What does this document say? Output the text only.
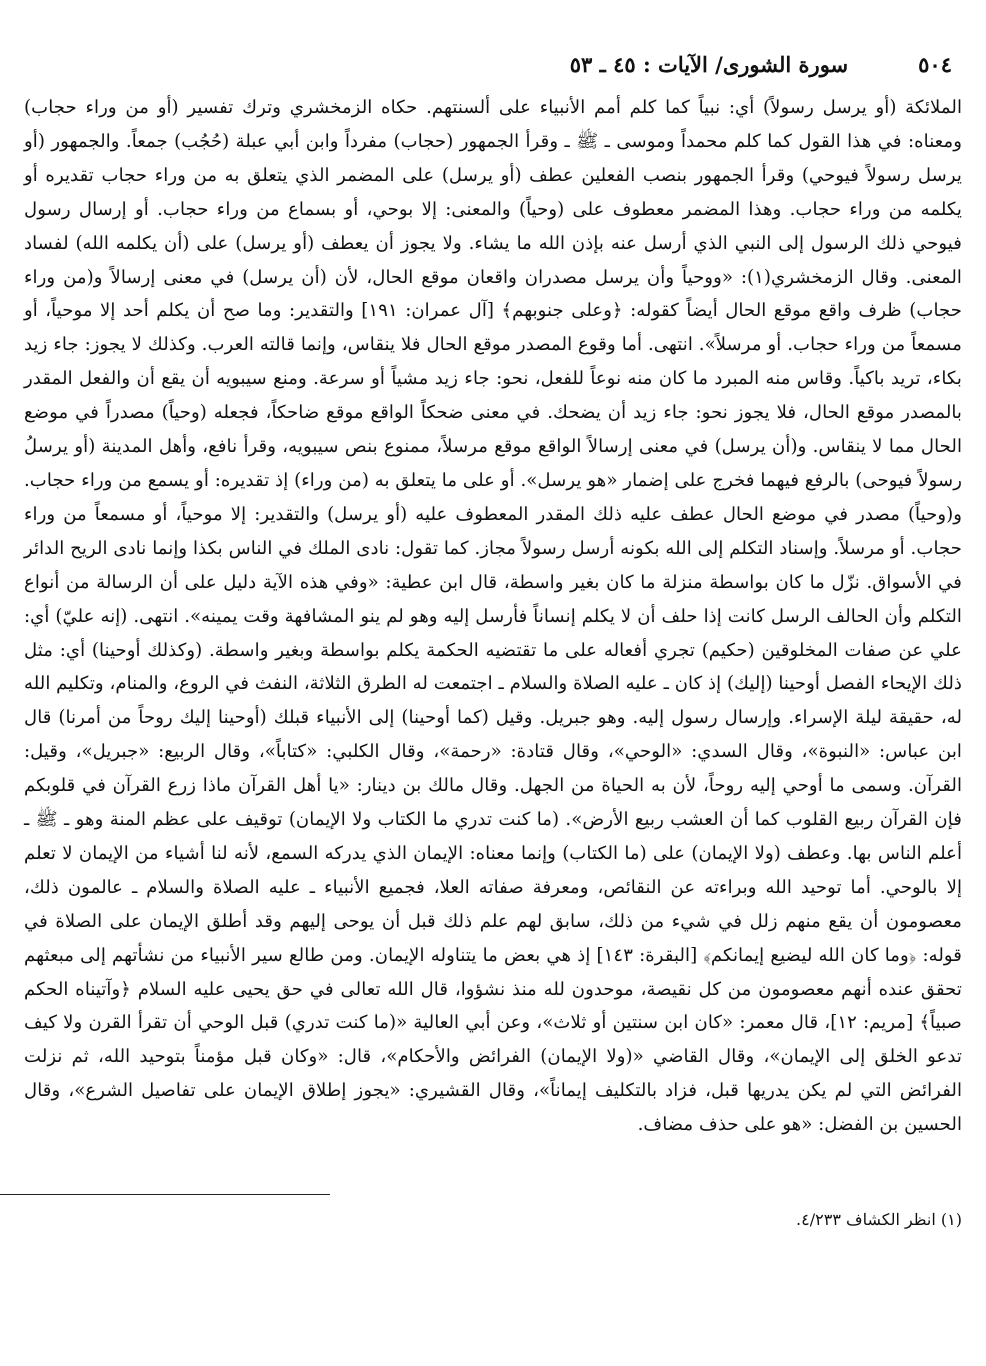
٥٠٤
سورة الشورى/ الآيات : ٤٥ ـ ٥٣

الملائكة (أو يرسل رسولاً) أي: نبياً كما كلم أمم الأنبياء على ألسنتهم. حكاه الزمخشري وترك تفسير (أو من وراء حجاب) ومعناه: في هذا القول كما كلم محمداً وموسى ـ ﷺ ـ وقرأ الجمهور (حجاب) مفرداً وابن أبي عبلة (حُجُب) جمعاً. والجمهور (أو يرسل رسولاً فيوحي) وقرأ الجمهور بنصب الفعلين عطف (أو يرسل) على المضمر الذي يتعلق به من وراء حجاب تقديره أو يكلمه من وراء حجاب. وهذا المضمر معطوف على (وحياً) والمعنى: إلا بوحي، أو بسماع من وراء حجاب. أو إرسال رسول فيوحي ذلك الرسول إلى النبي الذي أرسل عنه بإذن الله ما يشاء. ولا يجوز أن يعطف (أو يرسل) على (أن يكلمه الله) لفساد المعنى. وقال الزمخشري(١): «ووحياً وأن يرسل مصدران واقعان موقع الحال، لأن (أن يرسل) في معنى إرسالاً و(من وراء حجاب) ظرف واقع موقع الحال أيضاً كقوله: ﴿وعلى جنوبهم﴾ [آل عمران: ١٩١] والتقدير: وما صح أن يكلم أحد إلا موحياً، أو مسمعاً من وراء حجاب. أو مرسلاً». انتهى. أما وقوع المصدر موقع الحال فلا ينقاس، وإنما قالته العرب. وكذلك لا يجوز: جاء زيد بكاء، تريد باكياً. وقاس منه المبرد ما كان منه نوعاً للفعل، نحو: جاء زيد مشياً أو سرعة. ومنع سيبويه أن يقع أن والفعل المقدر بالمصدر موقع الحال، فلا يجوز نحو: جاء زيد أن يضحك. في معنى ضحكاً الواقع موقع ضاحكاً، فجعله (وحياً) مصدراً في موضع الحال مما لا ينقاس. و(أن يرسل) في معنى إرسالاً الواقع موقع مرسلاً، ممنوع بنص سيبويه، وقرأ نافع، وأهل المدينة (أو يرسلُ رسولاً فيوحى) بالرفع فيهما فخرج على إضمار «هو يرسل». أو على ما يتعلق به (من وراء) إذ تقديره: أو يسمع من وراء حجاب. و(وحياً) مصدر في موضع الحال عطف عليه ذلك المقدر المعطوف عليه (أو يرسل) والتقدير: إلا موحياً، أو مسمعاً من وراء حجاب. أو مرسلاً. وإسناد التكلم إلى الله بكونه أرسل رسولاً مجاز. كما تقول: نادى الملك في الناس بكذا وإنما نادى الريح الدائر في الأسواق. نزّل ما كان بواسطة منزلة ما كان بغير واسطة، قال ابن عطية: «وفي هذه الآية دليل على أن الرسالة من أنواع التكلم وأن الحالف الرسل كانت إذا حلف أن لا يكلم إنساناً فأرسل إليه وهو لم ينو المشافهة وقت يمينه». انتهى. (إنه عليّ) أي: علي عن صفات المخلوقين (حكيم) تجري أفعاله على ما تقتضيه الحكمة يكلم بواسطة وبغير واسطة. (وكذلك أوحينا) أي: مثل ذلك الإيحاء الفصل أوحينا (إليك) إذ كان ـ عليه الصلاة والسلام ـ اجتمعت له الطرق الثلاثة، النفث في الروع، والمنام، وتكليم الله له، حقيقة ليلة الإسراء. وإرسال رسول إليه. وهو جبريل. وقيل (كما أوحينا) إلى الأنبياء قبلك (أوحينا إليك روحاً من أمرنا) قال ابن عباس: «النبوة»، وقال السدي: «الوحي»، وقال قتادة: «رحمة»، وقال الكلبي: «كتاباً»، وقال الربيع: «جبريل»، وقيل: القرآن. وسمى ما أوحي إليه روحاً، لأن به الحياة من الجهل. وقال مالك بن دينار: «يا أهل القرآن ماذا زرع القرآن في قلوبكم فإن القرآن ربيع القلوب كما أن العشب ربيع الأرض». (ما كنت تدري ما الكتاب ولا الإيمان) توقيف على عظم المنة وهو ـ ﷺ ـ أعلم الناس بها. وعطف (ولا الإيمان) على (ما الكتاب) وإنما معناه: الإيمان الذي يدركه السمع، لأنه لنا أشياء من الإيمان لا تعلم إلا بالوحي. أما توحيد الله وبراءته عن النقائص، ومعرفة صفاته العلا، فجميع الأنبياء ـ عليه الصلاة والسلام ـ عالمون ذلك، معصومون أن يقع منهم زلل في شيء من ذلك، سابق لهم علم ذلك قبل أن يوحى إليهم وقد أطلق الإيمان على الصلاة في قوله: ﴿وما كان الله ليضيع إيمانكم﴾ [البقرة: ١٤٣] إذ هي بعض ما يتناوله الإيمان. ومن طالع سير الأنبياء من نشأتهم إلى مبعثهم تحقق عنده أنهم معصومون من كل نقيصة، موحدون لله منذ نشؤوا، قال الله تعالى في حق يحيى عليه السلام ﴿وآتيناه الحكم صبياً﴾ [مريم: ١٢]، قال معمر: «كان ابن سنتين أو ثلاث»، وعن أبي العالية «(ما كنت تدري) قبل الوحي أن تقرأ القرن ولا كيف تدعو الخلق إلى الإيمان»، وقال القاضي «(ولا الإيمان) الفرائض والأحكام»، قال: «وكان قبل مؤمناً بتوحيد الله، ثم نزلت الفرائض التي لم يكن يدريها قبل، فزاد بالتكليف إيماناً»، وقال القشيري: «يجوز إطلاق الإيمان على تفاصيل الشرع»، وقال الحسين بن الفضل: «هو على حذف مضاف.

(١) انظر الكشاف ٤/٢٣٣.
